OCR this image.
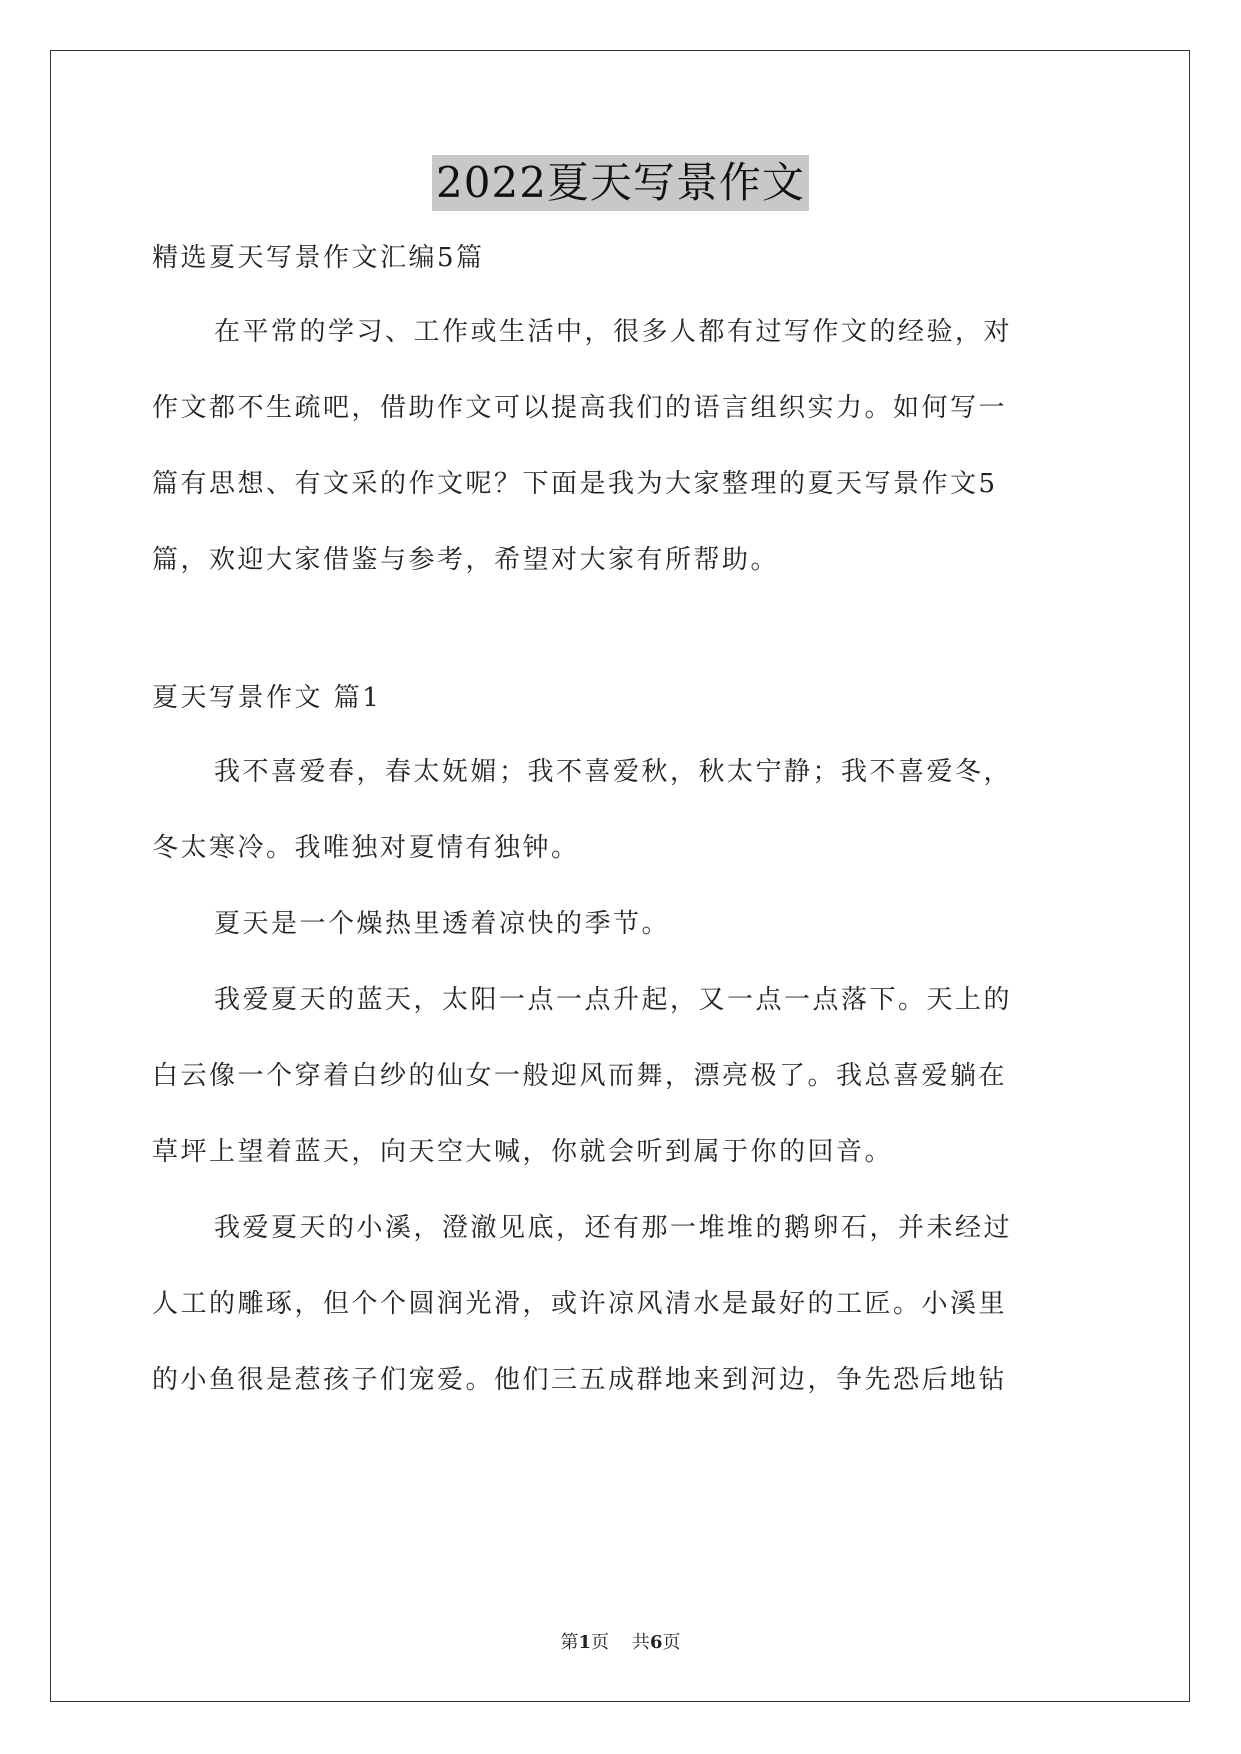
2022夏天写景作文
精选夏天写景作文汇编5篇
在平常的学习、工作或生活中，很多人都有过写作文的经验，对
作文都不生疏吧，借助作文可以提高我们的语言组织实力。如何写一
篇有思想、有文采的作文呢？下面是我为大家整理的夏天写景作文5
篇，欢迎大家借鉴与参考，希望对大家有所帮助。
夏天写景作文 篇1
我不喜爱春，春太妩媚；我不喜爱秋，秋太宁静；我不喜爱冬，
冬太寒冷。我唯独对夏情有独钟。
夏天是一个燥热里透着凉快的季节。
我爱夏天的蓝天，太阳一点一点升起，又一点一点落下。天上的
白云像一个穿着白纱的仙女一般迎风而舞，漂亮极了。我总喜爱躺在
草坪上望着蓝天，向天空大喊，你就会听到属于你的回音。
我爱夏天的小溪，澄澈见底，还有那一堆堆的鹅卵石，并未经过
人工的雕琢，但个个圆润光滑，或许凉风清水是最好的工匠。小溪里
的小鱼很是惹孩子们宠爱。他们三五成群地来到河边，争先恐后地钻
第1页    共6页
